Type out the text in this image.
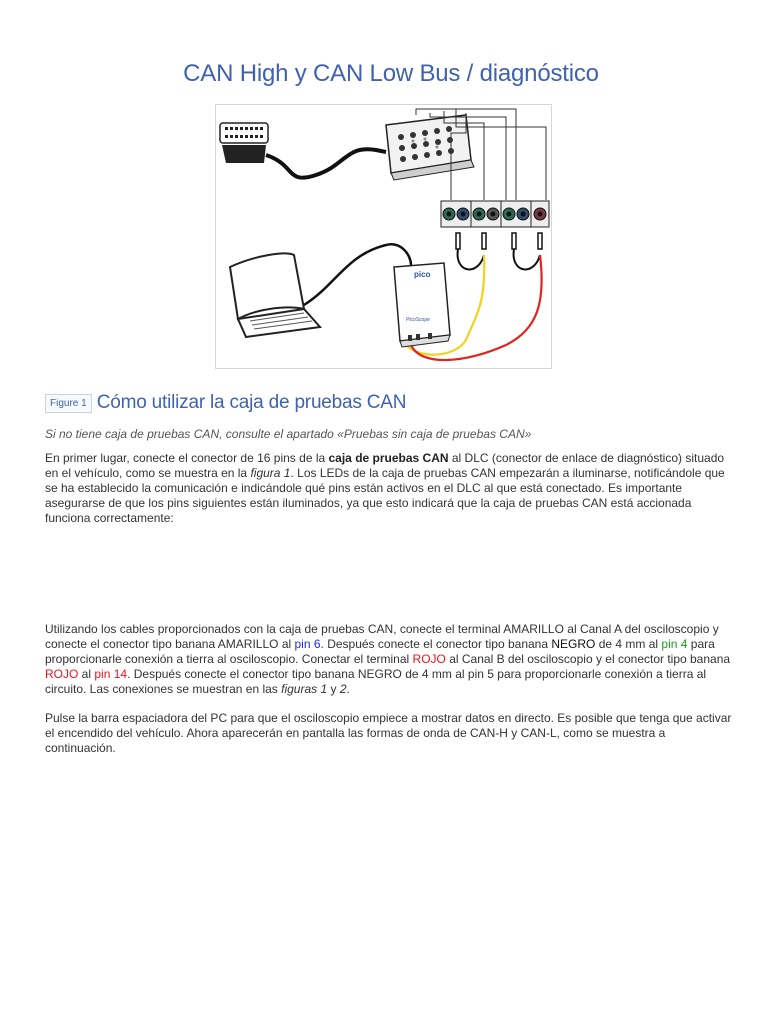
CAN High y CAN Low Bus / diagnóstico
pico
PicoScope
Figure 1 Cómo utilizar la caja de pruebas CAN

Si no tiene caja de pruebas CAN, consulte el apartado «Pruebas sin caja de pruebas CAN»

En primer lugar, conecte el conector de 16 pins de la caja de pruebas CAN al DLC (conector de enlace de diagnóstico) situado en el vehículo, como se muestra en la figura 1. Los LEDs de la caja de pruebas CAN empezarán a iluminarse, notificándole que se ha establecido la comunicación e indicándole qué pins están activos en el DLC al que está conectado. Es importante asegurarse de que los pins siguientes están iluminados, ya que esto indicará que la caja de pruebas CAN está accionada funciona correctamente:

Utilizando los cables proporcionados con la caja de pruebas CAN, conecte el terminal AMARILLO al Canal A del osciloscopio y conecte el conector tipo banana AMARILLO al pin 6. Después conecte el conector tipo banana NEGRO de 4 mm al pin 4 para proporcionarle conexión a tierra al osciloscopio. Conectar el terminal ROJO al Canal B del osciloscopio y el conector tipo banana ROJO al pin 14. Después conecte el conector tipo banana NEGRO de 4 mm al pin 5 para proporcionarle conexión a tierra al circuito. Las conexiones se muestran en las figuras 1 y 2.

Pulse la barra espaciadora del PC para que el osciloscopio empiece a mostrar datos en directo. Es posible que tenga que activar el encendido del vehículo. Ahora aparecerán en pantalla las formas de onda de CAN-H y CAN-L, como se muestra a continuación.
